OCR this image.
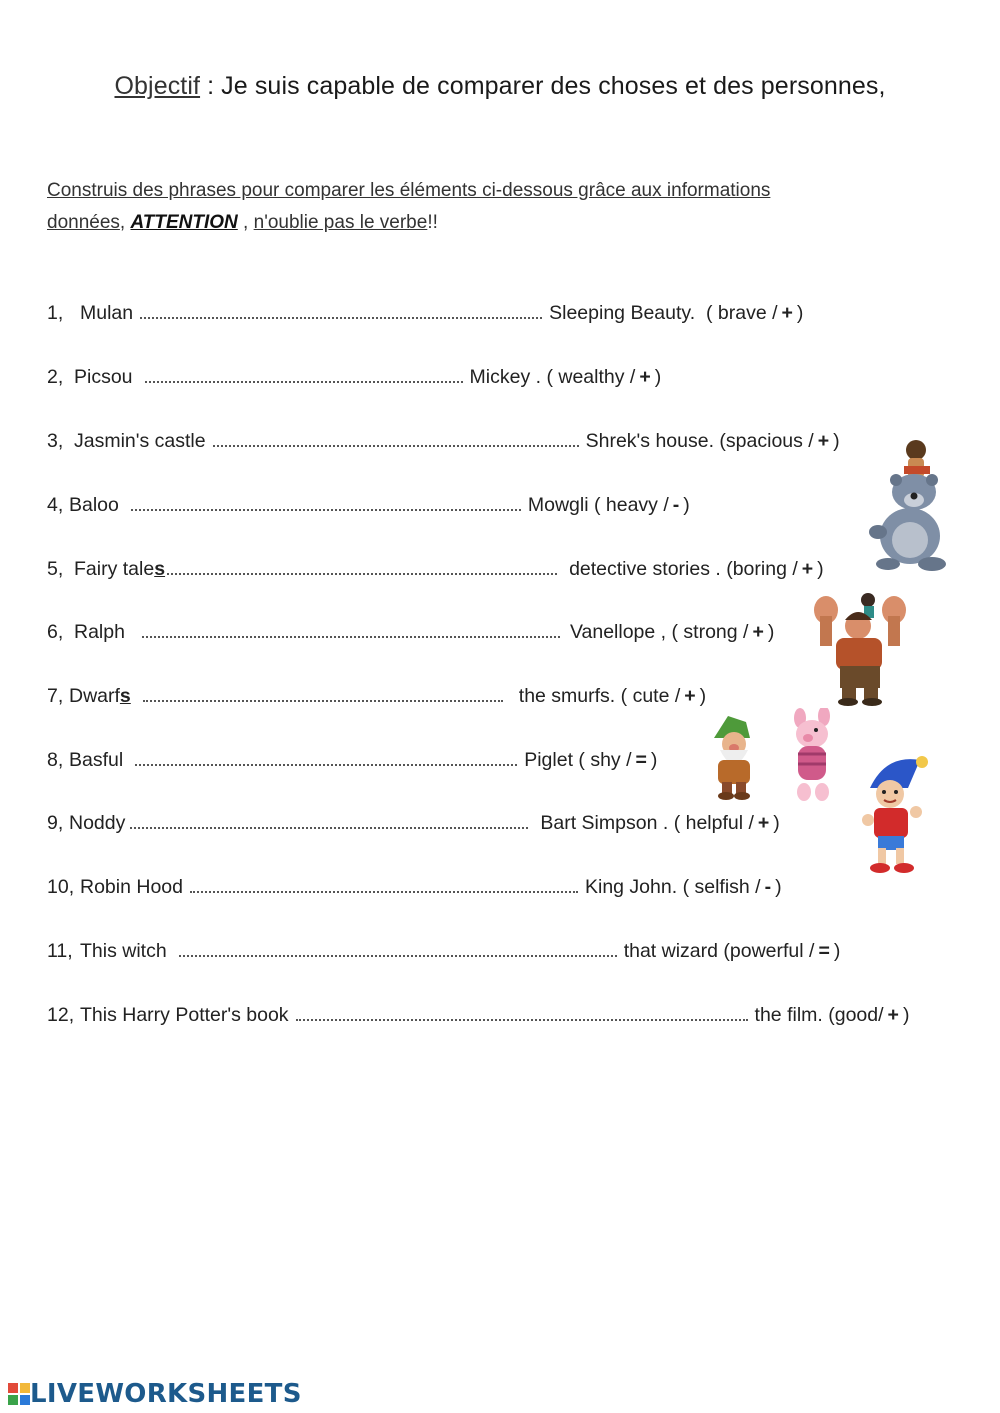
Objectif : Je suis capable de comparer des choses et des personnes,
Construis des phrases pour comparer les éléments ci-dessous grâce aux informations
données, ATTENTION , n'oublie pas le verbe!!
1, Mulan	Sleeping Beauty.
( brave / + )
2, Picsou	Mickey .
( wealthy / + )
3, Jasmin's castle	Shrek's house.
(spacious / + )
4, Baloo	Mowgli
( heavy / - )
5, Fairy tale s	detective stories .
(boring / + )
6, Ralph	Vanellope ,
( strong / + )
7, Dwarf s	the smurfs.
( cute / + )
8, Basful	Piglet
( shy / = )
9, Noddy	Bart Simpson .
( helpful / + )
10, Robin Hood	King John.
( selfish / - )
11, This witch	that wizard
(powerful / = )
12, This Harry Potter's book	the film.
(good/ + )
LIVEWORKSHEETS
